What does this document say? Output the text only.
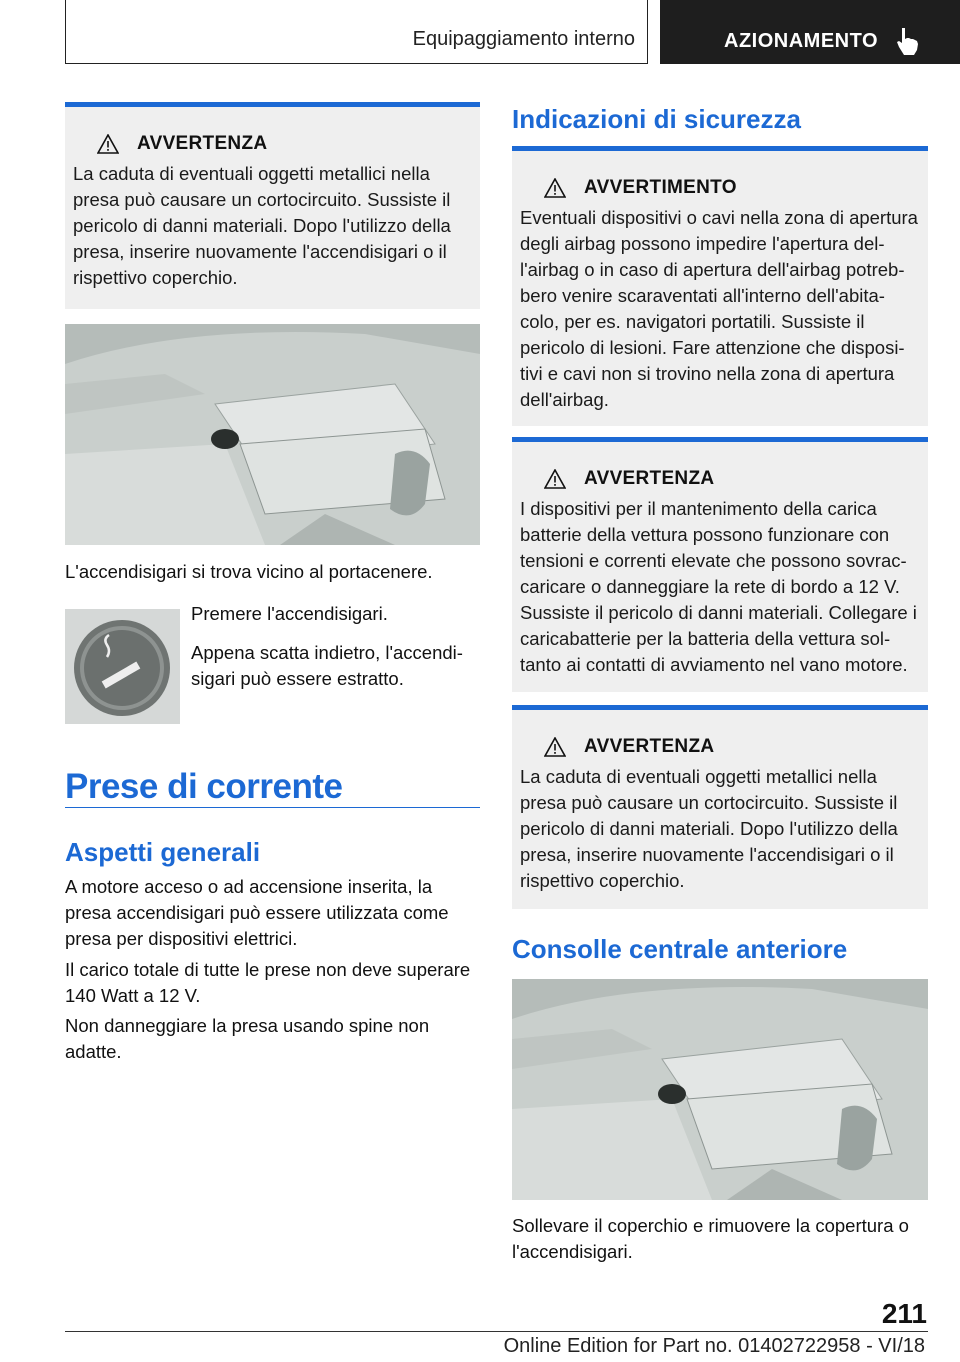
Equipaggiamento interno	AZIONAMENTO
AVVERTENZA

La caduta di eventuali oggetti metallici nella presa può causare un cortocircuito. Sussiste il pericolo di danni materiali. Dopo l'utilizzo della presa, inserire nuovamente l'accendisigari o il rispettivo coperchio.

L'accendisigari si trova vicino al portacenere.
Premere l'accendisigari.
Appena scatta indietro, l'accendi-sigari può essere estratto.
Prese di corrente
Aspetti generali
A motore acceso o ad accensione inserita, la presa accendisigari può essere utilizzata come presa per dispositivi elettrici.
Il carico totale di tutte le prese non deve superare 140 Watt a 12 V.
Non danneggiare la presa usando spine non adatte.
Indicazioni di sicurezza
AVVERTIMENTO

Eventuali dispositivi o cavi nella zona di apertura degli airbag possono impedire l'apertura del-l'airbag o in caso di apertura dell'airbag potreb-bero venire scaraventati all'interno dell'abita-colo, per es. navigatori portatili. Sussiste il pericolo di lesioni. Fare attenzione che disposi-tivi e cavi non si trovino nella zona di apertura dell'airbag.

AVVERTENZA

I dispositivi per il mantenimento della carica batterie della vettura possono funzionare con tensioni e correnti elevate che possono sovrac-caricare o danneggiare la rete di bordo a 12 V. Sussiste il pericolo di danni materiali. Collegare i caricabatterie per la batteria della vettura sol-tanto ai contatti di avviamento nel vano motore.

AVVERTENZA

La caduta di eventuali oggetti metallici nella presa può causare un cortocircuito. Sussiste il pericolo di danni materiali. Dopo l'utilizzo della presa, inserire nuovamente l'accendisigari o il rispettivo coperchio.

Consolle centrale anteriore
Sollevare il coperchio e rimuovere la copertura o l'accendisigari.
211
Online Edition for Part no. 01402722958 - VI/18
